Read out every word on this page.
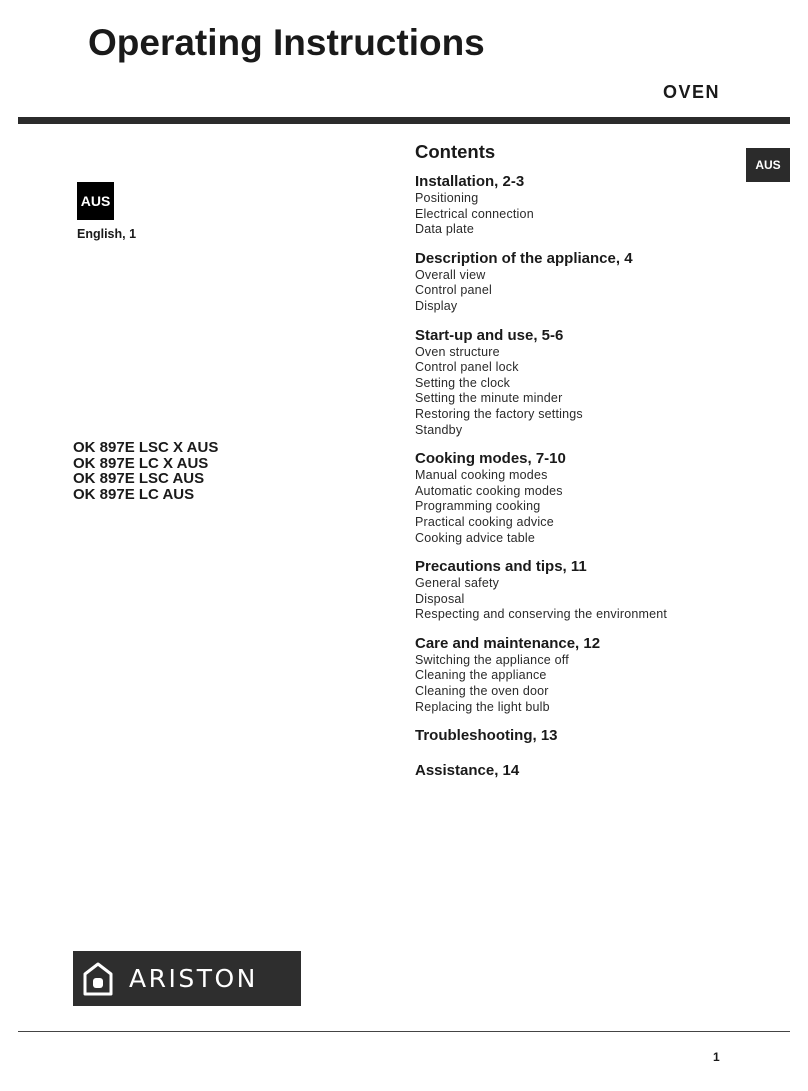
Operating Instructions
OVEN
AUS
AUS
English, 1
OK 897E LSC X AUS
OK 897E LC X AUS
OK 897E LSC AUS
OK 897E LC AUS
Contents
Installation, 2-3
Positioning
Electrical connection
Data plate
Description of the appliance, 4
Overall view
Control panel
Display
Start-up and use, 5-6
Oven structure
Control panel lock
Setting the clock
Setting the minute minder
Restoring the factory settings
Standby
Cooking modes, 7-10
Manual cooking modes
Automatic cooking modes
Programming cooking
Practical cooking advice
Cooking advice table
Precautions and tips, 11
General safety
Disposal
Respecting and conserving the environment
Care and maintenance, 12
Switching the appliance off
Cleaning the appliance
Cleaning the oven door
Replacing the light bulb
Troubleshooting, 13
Assistance, 14
ARISTON
1
